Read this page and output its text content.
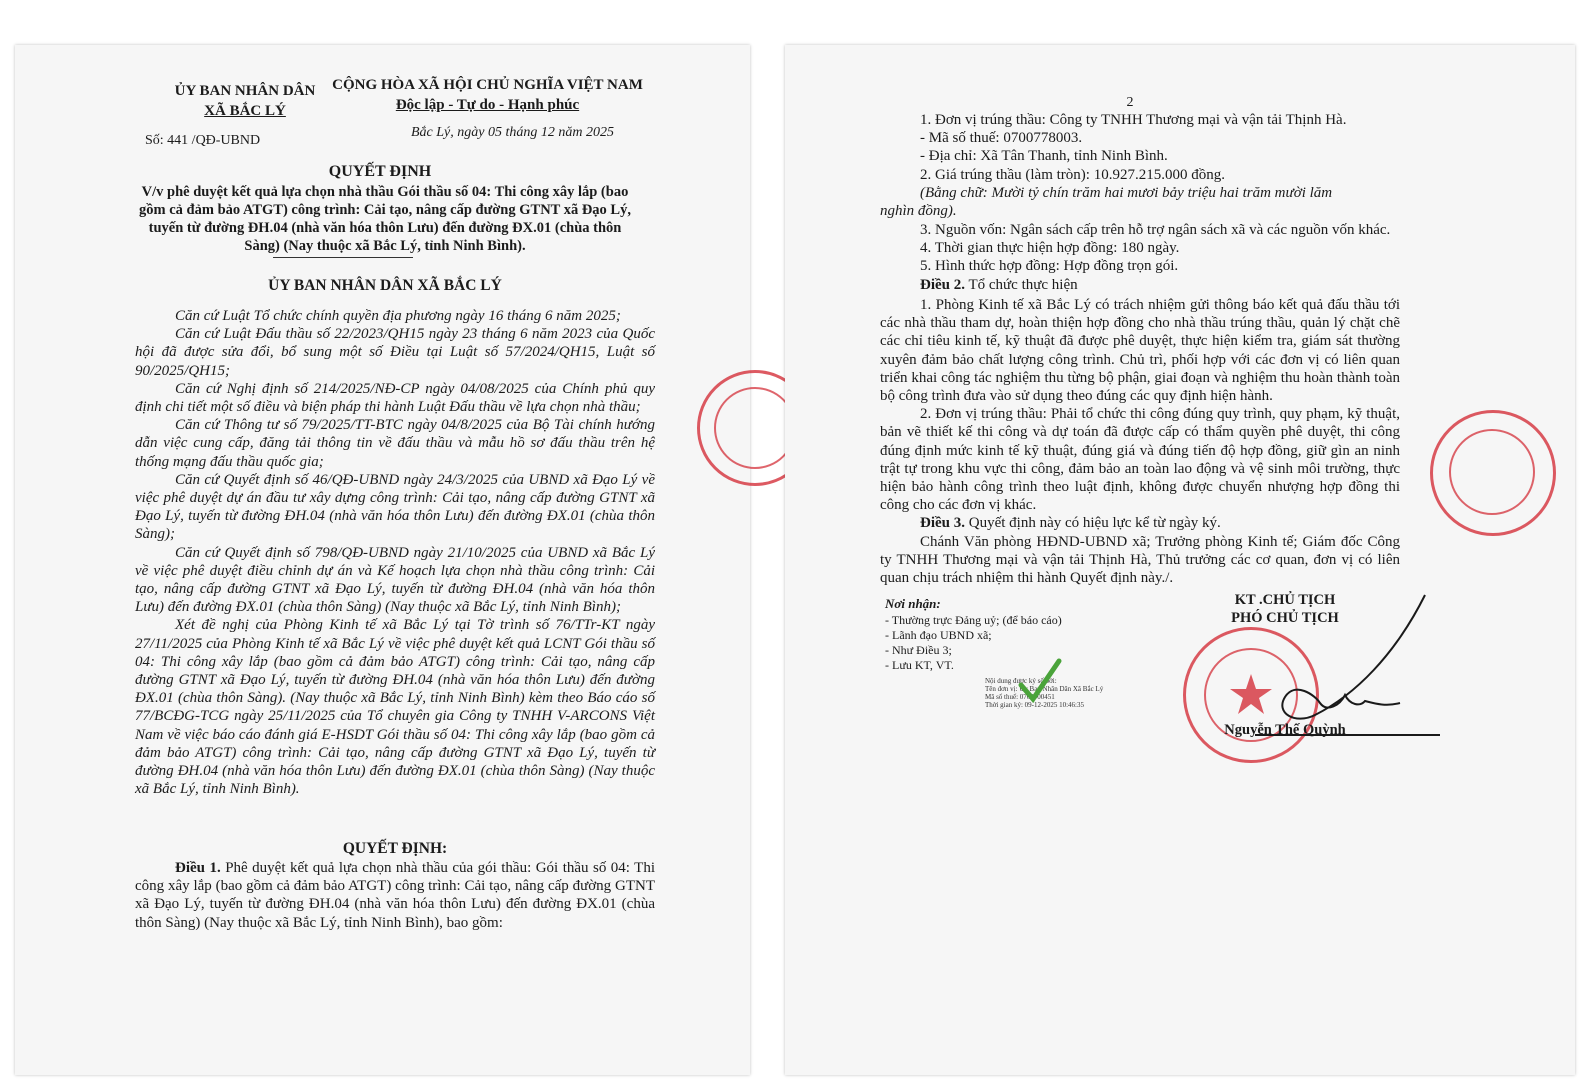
ỦY BAN NHÂN DÂN
XÃ BẮC LÝ
Số: 441 /QĐ-UBND
CỘNG HÒA XÃ HỘI CHỦ NGHĨA VIỆT NAM
Độc lập - Tự do - Hạnh phúc
Bắc Lý, ngày 05 tháng 12 năm 2025
QUYẾT ĐỊNH
V/v phê duyệt kết quả lựa chọn nhà thầu Gói thầu số 04: Thi công xây lắp (bao
gồm cả đảm bảo ATGT) công trình: Cải tạo, nâng cấp đường GTNT xã Đạo Lý,
tuyến từ đường ĐH.04 (nhà văn hóa thôn Lưu) đến đường ĐX.01 (chùa thôn
Sàng) (Nay thuộc xã Bắc Lý, tỉnh Ninh Bình).
ỦY BAN NHÂN DÂN XÃ BẮC LÝ

Căn cứ Luật Tổ chức chính quyền địa phương ngày 16 tháng 6 năm 2025;

Căn cứ Luật Đấu thầu số 22/2023/QH15 ngày 23 tháng 6 năm 2023 của Quốc hội đã được sửa đổi, bổ sung một số Điều tại Luật số 57/2024/QH15, Luật số 90/2025/QH15;

Căn cứ Nghị định số 214/2025/NĐ-CP ngày 04/08/2025 của Chính phủ quy định chi tiết một số điều và biện pháp thi hành Luật Đấu thầu về lựa chọn nhà thầu;

Căn cứ Thông tư số 79/2025/TT-BTC ngày 04/8/2025 của Bộ Tài chính hướng dẫn việc cung cấp, đăng tải thông tin về đấu thầu và mẫu hồ sơ đấu thầu trên hệ thống mạng đấu thầu quốc gia;

Căn cứ Quyết định số 46/QĐ-UBND ngày 24/3/2025 của UBND xã Đạo Lý về việc phê duyệt dự án đầu tư xây dựng công trình: Cải tạo, nâng cấp đường GTNT xã Đạo Lý, tuyến từ đường ĐH.04 (nhà văn hóa thôn Lưu) đến đường ĐX.01 (chùa thôn Sàng);

Căn cứ Quyết định số 798/QĐ-UBND ngày 21/10/2025 của UBND xã Bắc Lý về việc phê duyệt điều chỉnh dự án và Kế hoạch lựa chọn nhà thầu công trình: Cải tạo, nâng cấp đường GTNT xã Đạo Lý, tuyến từ đường ĐH.04 (nhà văn hóa thôn Lưu) đến đường ĐX.01 (chùa thôn Sàng) (Nay thuộc xã Bắc Lý, tỉnh Ninh Bình);

Xét đề nghị của Phòng Kinh tế xã Bắc Lý tại Tờ trình số 76/TTr-KT ngày 27/11/2025 của Phòng Kinh tế xã Bắc Lý về việc phê duyệt kết quả LCNT Gói thầu số 04: Thi công xây lắp (bao gồm cả đảm bảo ATGT) công trình: Cải tạo, nâng cấp đường GTNT xã Đạo Lý, tuyến từ đường ĐH.04 (nhà văn hóa thôn Lưu) đến đường ĐX.01 (chùa thôn Sàng). (Nay thuộc xã Bắc Lý, tỉnh Ninh Bình) kèm theo Báo cáo số 77/BCĐG-TCG ngày 25/11/2025 của Tổ chuyên gia Công ty TNHH V-ARCONS Việt Nam về việc báo cáo đánh giá E-HSDT Gói thầu số 04: Thi công xây lắp (bao gồm cả đảm bảo ATGT) công trình: Cải tạo, nâng cấp đường GTNT xã Đạo Lý, tuyến từ đường ĐH.04 (nhà văn hóa thôn Lưu) đến đường ĐX.01 (chùa thôn Sàng) (Nay thuộc xã Bắc Lý, tỉnh Ninh Bình).

QUYẾT ĐỊNH:

Điều 1. Phê duyệt kết quả lựa chọn nhà thầu của gói thầu: Gói thầu số 04: Thi công xây lắp (bao gồm cả đảm bảo ATGT) công trình: Cải tạo, nâng cấp đường GTNT xã Đạo Lý, tuyến từ đường ĐH.04 (nhà văn hóa thôn Lưu) đến đường ĐX.01 (chùa thôn Sàng) (Nay thuộc xã Bắc Lý, tỉnh Ninh Bình), bao gồm:

2
1. Đơn vị trúng thầu: Công ty TNHH Thương mại và vận tải Thịnh Hà.
- Mã số thuế: 0700778003.
- Địa chỉ: Xã Tân Thanh, tỉnh Ninh Bình.
2. Giá trúng thầu (làm tròn): 10.927.215.000 đồng.
(Bằng chữ: Mười tỷ chín trăm hai mươi bảy triệu hai trăm mười lăm
nghìn đồng).
3. Nguồn vốn: Ngân sách cấp trên hỗ trợ ngân sách xã và các nguồn vốn khác.
4. Thời gian thực hiện hợp đồng: 180 ngày.
5. Hình thức hợp đồng: Hợp đồng trọn gói.
Điều 2. Tổ chức thực hiện

1. Phòng Kinh tế xã Bắc Lý có trách nhiệm gửi thông báo kết quả đấu thầu tới các nhà thầu tham dự, hoàn thiện hợp đồng cho nhà thầu trúng thầu, quản lý chặt chẽ các chỉ tiêu kinh tế, kỹ thuật đã được phê duyệt, thực hiện kiểm tra, giám sát thường xuyên đảm bảo chất lượng công trình. Chủ trì, phối hợp với các đơn vị có liên quan triển khai công tác nghiệm thu từng bộ phận, giai đoạn và nghiệm thu hoàn thành toàn bộ công trình đưa vào sử dụng theo đúng các quy định hiện hành.

2. Đơn vị trúng thầu: Phải tổ chức thi công đúng quy trình, quy phạm, kỹ thuật, bản vẽ thiết kế thi công và dự toán đã được cấp có thẩm quyền phê duyệt, thi công đúng định mức kinh tế kỹ thuật, đúng giá và đúng tiến độ hợp đồng, giữ gìn an ninh trật tự trong khu vực thi công, đảm bảo an toàn lao động và vệ sinh môi trường, thực hiện bảo hành công trình theo luật định, không được chuyển nhượng hợp đồng thi công cho các đơn vị khác.

Điều 3. Quyết định này có hiệu lực kể từ ngày ký.

Chánh Văn phòng HĐND-UBND xã; Trưởng phòng Kinh tế; Giám đốc Công ty TNHH Thương mại và vận tải Thịnh Hà, Thủ trưởng các cơ quan, đơn vị có liên quan chịu trách nhiệm thi hành Quyết định này./.

Nơi nhận:
- Thường trực Đảng uỷ; (để báo cáo)
- Lãnh đạo UBND xã;
- Như Điều 3;
- Lưu KT, VT.
KT .CHỦ TỊCH
PHÓ CHỦ TỊCH
Nội dung được ký số bởi:
Tên đơn vị: Ủy Ban Nhân Dân Xã Bắc Lý
Mã số thuế: 0700900451
Thời gian ký: 09-12-2025 10:46:35
Nguyễn Thế Quỳnh
